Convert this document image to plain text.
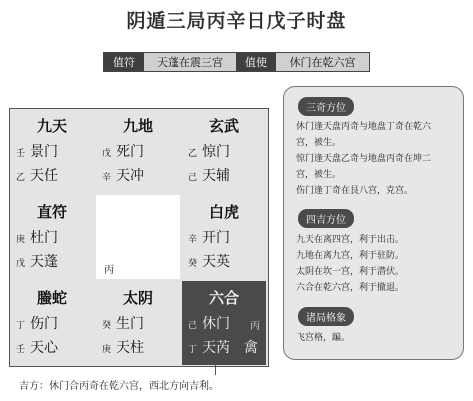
阴遁三局丙辛日戊子时盘
值符	天蓬在震三宫	值使	休门在乾六宫
九天
壬 景门
乙 天任
九地
戊 死门
辛 天冲
玄武
乙 惊门
己 天辅
直符
庚 杜门
戊 天蓬
丙
白虎
辛 开门
癸 天英
螣蛇
丁 伤门
壬 天心
太阴
癸 生门
庚 天柱
六合
己 休门
丁 天芮
丙
禽
三奇方位
休门逢天盘丙奇与地盘丁奇在乾六
宫，被生。
惊门逢天盘乙奇与地盘丙奇在坤二
宫，被生。
伤门逢丁奇在艮八宫，克宫。
四吉方位
九天在离四宫，利于出击。
九地在离九宫，利于驻防。
太阴在坎一宫，利于潜伏。
六合在乾六宫，利于撤退。
诸局格象
飞宫格，蹁。
吉方：休门合丙奇在乾六宫，西北方向吉利。
